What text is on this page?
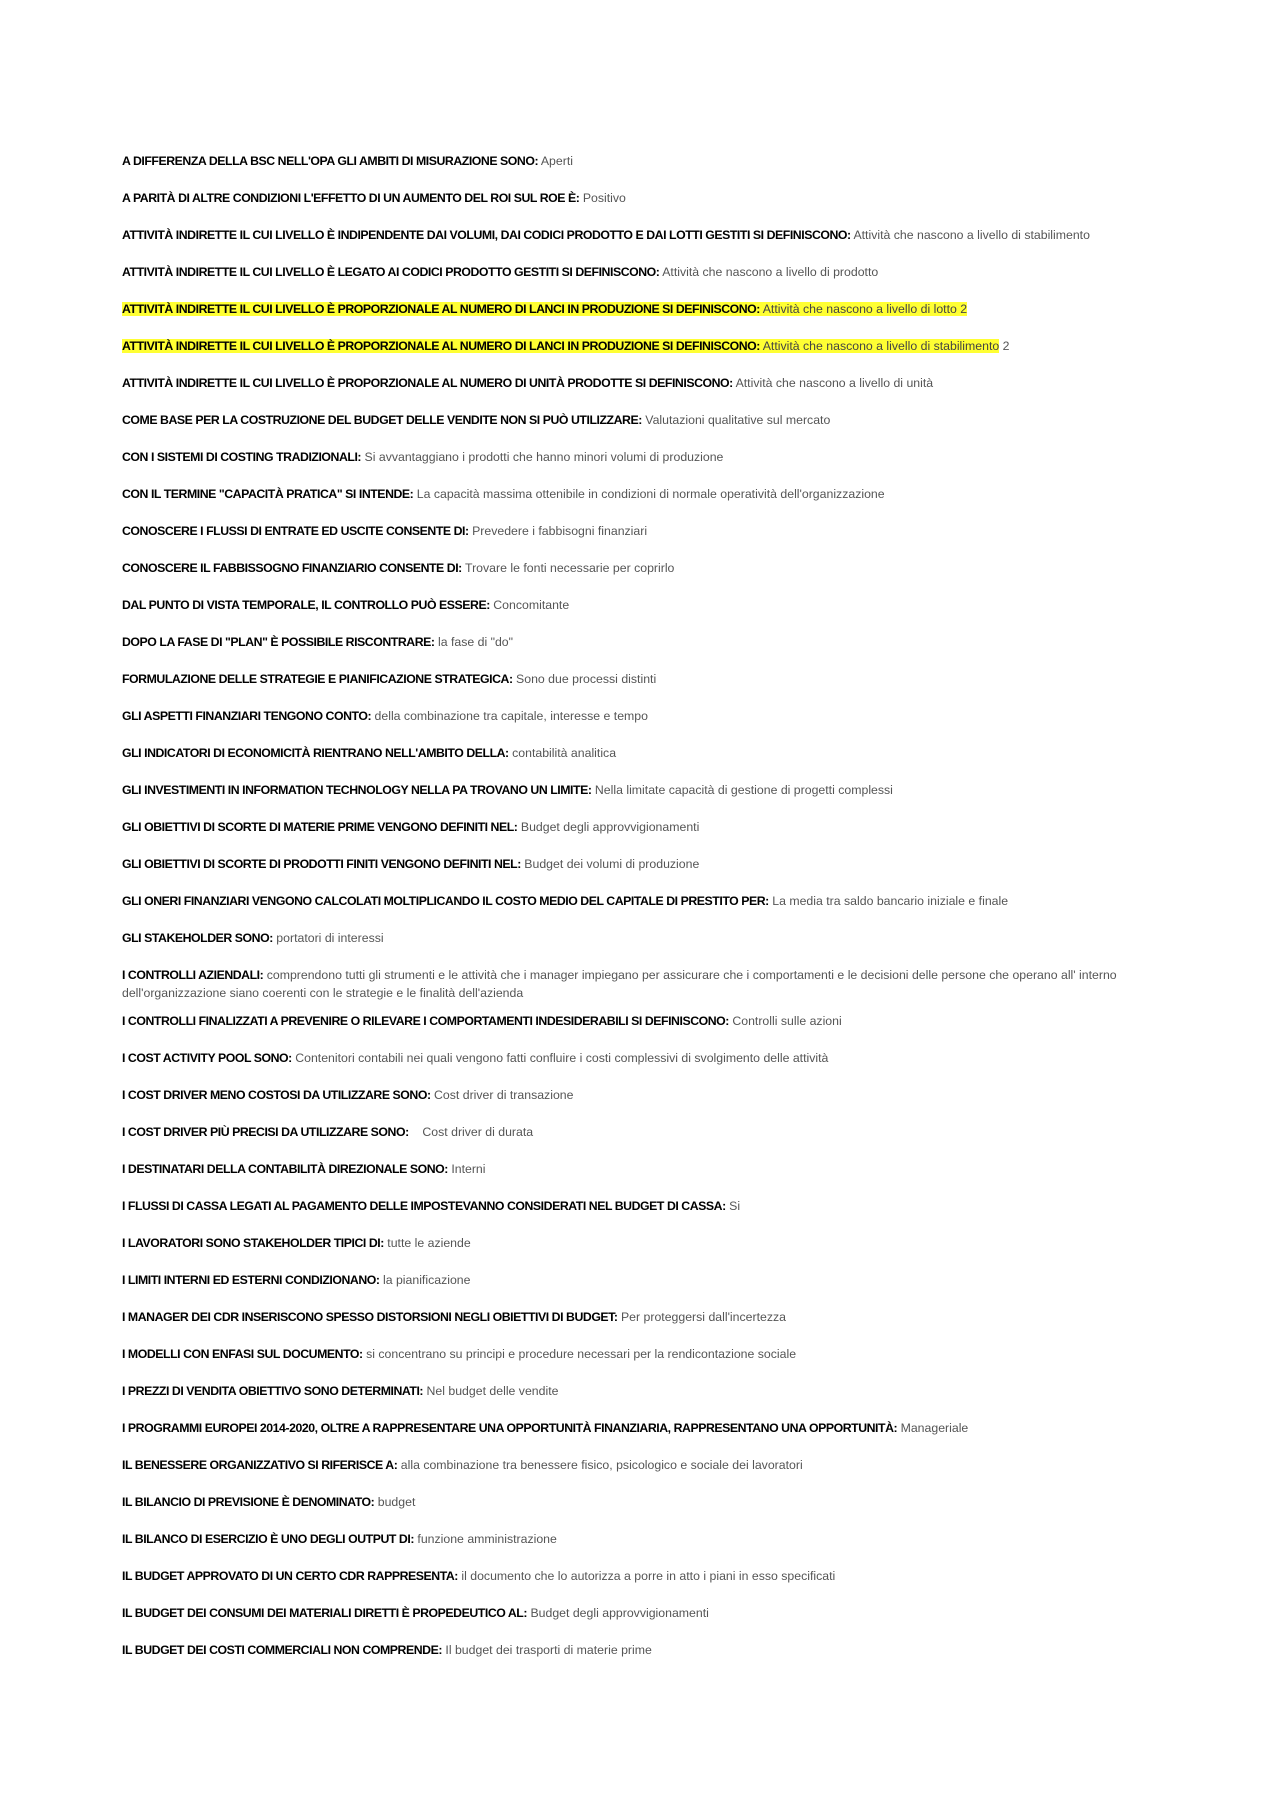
A DIFFERENZA DELLA BSC NELL'OPA GLI AMBITI DI MISURAZIONE SONO: Aperti
A PARITÀ DI ALTRE CONDIZIONI L'EFFETTO DI UN AUMENTO DEL ROI SUL ROE È: Positivo
ATTIVITÀ INDIRETTE IL CUI LIVELLO È INDIPENDENTE DAI VOLUMI, DAI CODICI PRODOTTO E DAI LOTTI GESTITI SI DEFINISCONO: Attività che nascono a livello di stabilimento
ATTIVITÀ INDIRETTE IL CUI LIVELLO È LEGATO AI CODICI PRODOTTO GESTITI SI DEFINISCONO: Attività che nascono a livello di prodotto
ATTIVITÀ INDIRETTE IL CUI LIVELLO È PROPORZIONALE AL NUMERO DI LANCI IN PRODUZIONE SI DEFINISCONO: Attività che nascono a livello di lotto 2
ATTIVITÀ INDIRETTE IL CUI LIVELLO È PROPORZIONALE AL NUMERO DI LANCI IN PRODUZIONE SI DEFINISCONO: Attività che nascono a livello di stabilimento 2
ATTIVITÀ INDIRETTE IL CUI LIVELLO È PROPORZIONALE AL NUMERO DI UNITÀ PRODOTTE SI DEFINISCONO: Attività che nascono a livello di unità
COME BASE PER LA COSTRUZIONE DEL BUDGET DELLE VENDITE NON SI PUÒ UTILIZZARE: Valutazioni qualitative sul mercato
CON I SISTEMI DI COSTING TRADIZIONALI: Si avvantaggiano i prodotti che hanno minori volumi di produzione
CON IL TERMINE "CAPACITÀ PRATICA" SI INTENDE: La capacità massima ottenibile in condizioni di normale operatività dell'organizzazione
CONOSCERE I FLUSSI DI ENTRATE ED USCITE CONSENTE DI: Prevedere i fabbisogni finanziari
CONOSCERE IL FABBISSOGNO FINANZIARIO CONSENTE DI: Trovare le fonti necessarie per coprirlo
DAL PUNTO DI VISTA TEMPORALE, IL CONTROLLO PUÒ ESSERE: Concomitante
DOPO LA FASE DI "PLAN" È POSSIBILE RISCONTRARE: la fase di "do"
FORMULAZIONE DELLE STRATEGIE E PIANIFICAZIONE STRATEGICA: Sono due processi distinti
GLI ASPETTI FINANZIARI TENGONO CONTO: della combinazione tra capitale, interesse e tempo
GLI INDICATORI DI ECONOMICITÀ RIENTRANO NELL'AMBITO DELLA: contabilità analitica
GLI INVESTIMENTI IN INFORMATION TECHNOLOGY NELLA PA TROVANO UN LIMITE: Nella limitate capacità di gestione di progetti complessi
GLI OBIETTIVI DI SCORTE DI MATERIE PRIME VENGONO DEFINITI NEL: Budget degli approvvigionamenti
GLI OBIETTIVI DI SCORTE DI PRODOTTI FINITI VENGONO DEFINITI NEL: Budget dei volumi di produzione
GLI ONERI FINANZIARI VENGONO CALCOLATI MOLTIPLICANDO IL COSTO MEDIO DEL CAPITALE DI PRESTITO PER: La media tra saldo bancario iniziale e finale
GLI STAKEHOLDER SONO: portatori di interessi
I CONTROLLI AZIENDALI: comprendono tutti gli strumenti e le attività che i manager impiegano per assicurare che i comportamenti e le decisioni delle persone che operano all' interno dell'organizzazione siano coerenti con le strategie e le finalità dell'azienda
I CONTROLLI FINALIZZATI A PREVENIRE O RILEVARE I COMPORTAMENTI INDESIDERABILI SI DEFINISCONO: Controlli sulle azioni
I COST ACTIVITY POOL SONO: Contenitori contabili nei quali vengono fatti confluire i costi complessivi di svolgimento delle attività
I COST DRIVER MENO COSTOSI DA UTILIZZARE SONO: Cost driver di transazione
I COST DRIVER PIÙ PRECISI DA UTILIZZARE SONO:    Cost driver di durata
I DESTINATARI DELLA CONTABILITÀ DIREZIONALE SONO: Interni
I FLUSSI DI CASSA LEGATI AL PAGAMENTO DELLE IMPOSTEVANNO CONSIDERATI NEL BUDGET DI CASSA: Si
I LAVORATORI SONO STAKEHOLDER TIPICI DI: tutte le aziende
I LIMITI INTERNI ED ESTERNI CONDIZIONANO: la pianificazione
I MANAGER DEI CDR INSERISCONO SPESSO DISTORSIONI NEGLI OBIETTIVI DI BUDGET: Per proteggersi dall'incertezza
I MODELLI CON ENFASI SUL DOCUMENTO: si concentrano su principi e procedure necessari per la rendicontazione sociale
I PREZZI DI VENDITA OBIETTIVO SONO DETERMINATI: Nel budget delle vendite
I PROGRAMMI EUROPEI 2014-2020, OLTRE A RAPPRESENTARE UNA OPPORTUNITÀ FINANZIARIA, RAPPRESENTANO UNA OPPORTUNITÀ: Manageriale
IL BENESSERE ORGANIZZATIVO SI RIFERISCE A: alla combinazione tra benessere fisico, psicologico e sociale dei lavoratori
IL BILANCIO DI PREVISIONE È DENOMINATO: budget
IL BILANCO DI ESERCIZIO È UNO DEGLI OUTPUT DI: funzione amministrazione
IL BUDGET APPROVATO DI UN CERTO CDR RAPPRESENTA: il documento che lo autorizza a porre in atto i piani in esso specificati
IL BUDGET DEI CONSUMI DEI MATERIALI DIRETTI È PROPEDEUTICO AL: Budget degli approvvigionamenti
IL BUDGET DEI COSTI COMMERCIALI NON COMPRENDE: Il budget dei trasporti di materie prime
